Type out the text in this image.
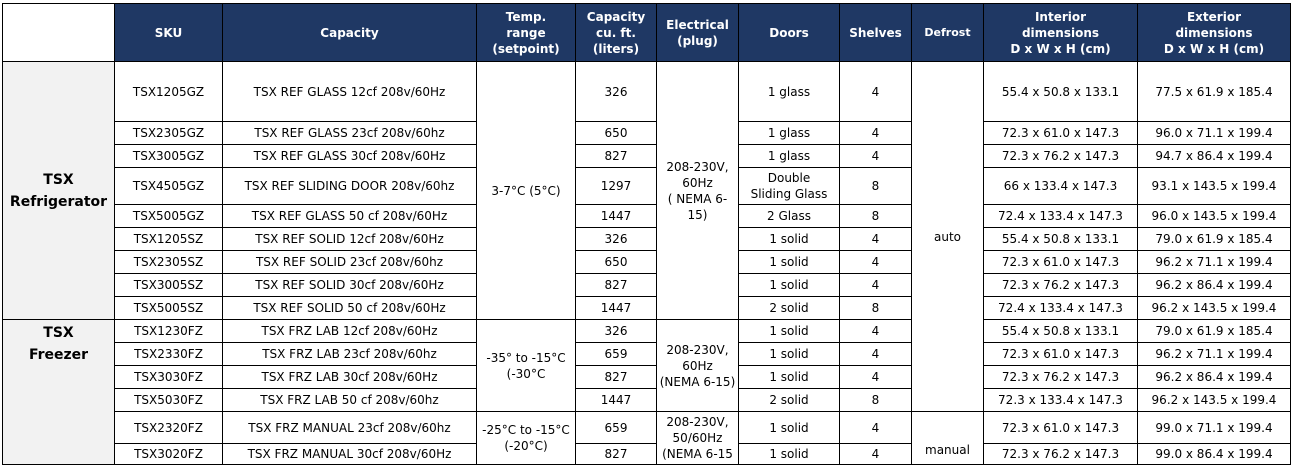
	SKU	Capacity	Temp.
range
(setpoint)	Capacity
cu. ft.
(liters)	Electrical
(plug)	Doors	Shelves	Defrost	Interior
dimensions
D x W x H (cm)	Exterior
dimensions
D x W x H (cm)
TSX
Refrigerator	TSX1205GZ	TSX REF GLASS 12cf 208v/60Hz	3-7°C (5°C)	326	208-230V,
60Hz
( NEMA 6-
15)	1 glass	4	auto	55.4 x 50.8 x 133.1	77.5 x 61.9 x 185.4
	TSX2305GZ	TSX REF GLASS 23cf 208v/60hz		650		1 glass	4		72.3 x 61.0 x 147.3	96.0 x 71.1 x 199.4
	TSX3005GZ	TSX REF GLASS 30cf 208v/60Hz		827		1 glass	4		72.3 x 76.2 x 147.3	94.7 x 86.4 x 199.4
	TSX4505GZ	TSX REF SLIDING DOOR 208v/60hz		1297		Double
Sliding Glass	8		66 x 133.4 x 147.3	93.1 x 143.5 x 199.4
	TSX5005GZ	TSX REF GLASS 50 cf 208v/60Hz		1447		2 Glass	8		72.4 x 133.4 x 147.3	96.0 x 143.5 x 199.4
	TSX1205SZ	TSX REF SOLID 12cf 208v/60Hz		326		1 solid	4		55.4 x 50.8 x 133.1	79.0 x 61.9 x 185.4
	TSX2305SZ	TSX REF SOLID 23cf 208v/60hz		650		1 solid	4		72.3 x 61.0 x 147.3	96.2 x 71.1 x 199.4
	TSX3005SZ	TSX REF SOLID 30cf 208v/60Hz		827		1 solid	4		72.3 x 76.2 x 147.3	96.2 x 86.4 x 199.4
	TSX5005SZ	TSX REF SOLID 50 cf 208v/60Hz		1447		2 solid	8		72.4 x 133.4 x 147.3	96.2 x 143.5 x 199.4
TSX
Freezer	TSX1230FZ	TSX FRZ LAB 12cf 208v/60Hz	-35° to -15°C
(-30°C	326	208-230V,
60Hz
(NEMA 6-15)	1 solid	4		55.4 x 50.8 x 133.1	79.0 x 61.9 x 185.4
	TSX2330FZ	TSX FRZ LAB 23cf 208v/60hz		659		1 solid	4		72.3 x 61.0 x 147.3	96.2 x 71.1 x 199.4
	TSX3030FZ	TSX FRZ LAB 30cf 208v/60Hz		827		1 solid	4		72.3 x 76.2 x 147.3	96.2 x 86.4 x 199.4
	TSX5030FZ	TSX FRZ LAB 50 cf 208v/60hz		1447		2 solid	8		72.3 x 133.4 x 147.3	96.2 x 143.5 x 199.4
	TSX2320FZ	TSX FRZ MANUAL 23cf 208v/60hz	-25°C to -15°C
(-20°C)	659	208-230V,
50/60Hz
(NEMA 6-15	1 solid	4	manual	72.3 x 61.0 x 147.3	99.0 x 71.1 x 199.4
	TSX3020FZ	TSX FRZ MANUAL 30cf 208v/60Hz		827		1 solid	4		72.3 x 76.2 x 147.3	99.0 x 86.4 x 199.4
